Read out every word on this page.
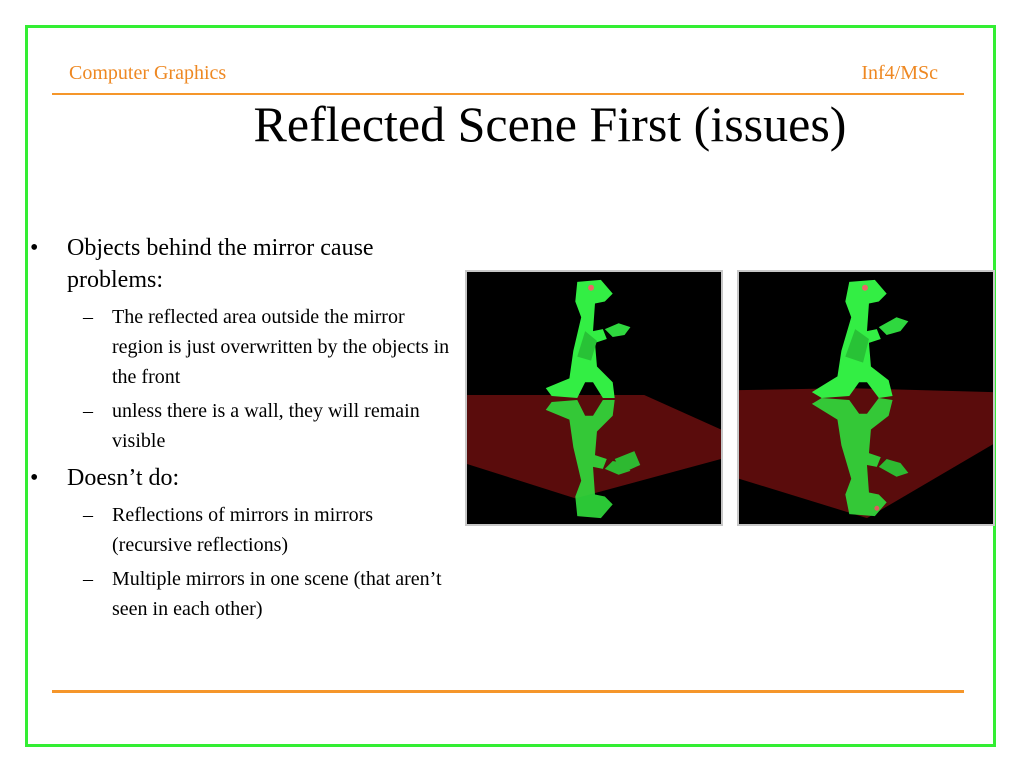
Computer Graphics	Inf4/MSc
Reflected Scene First (issues)
• Objects behind the mirror cause problems:
– The reflected area outside the mirror region is just overwritten by the objects in the front
– unless there is a wall, they will remain visible
• Doesn’t do:
– Reflections of mirrors in mirrors (recursive reflections)
– Multiple mirrors in one scene (that aren’t seen in each other)
